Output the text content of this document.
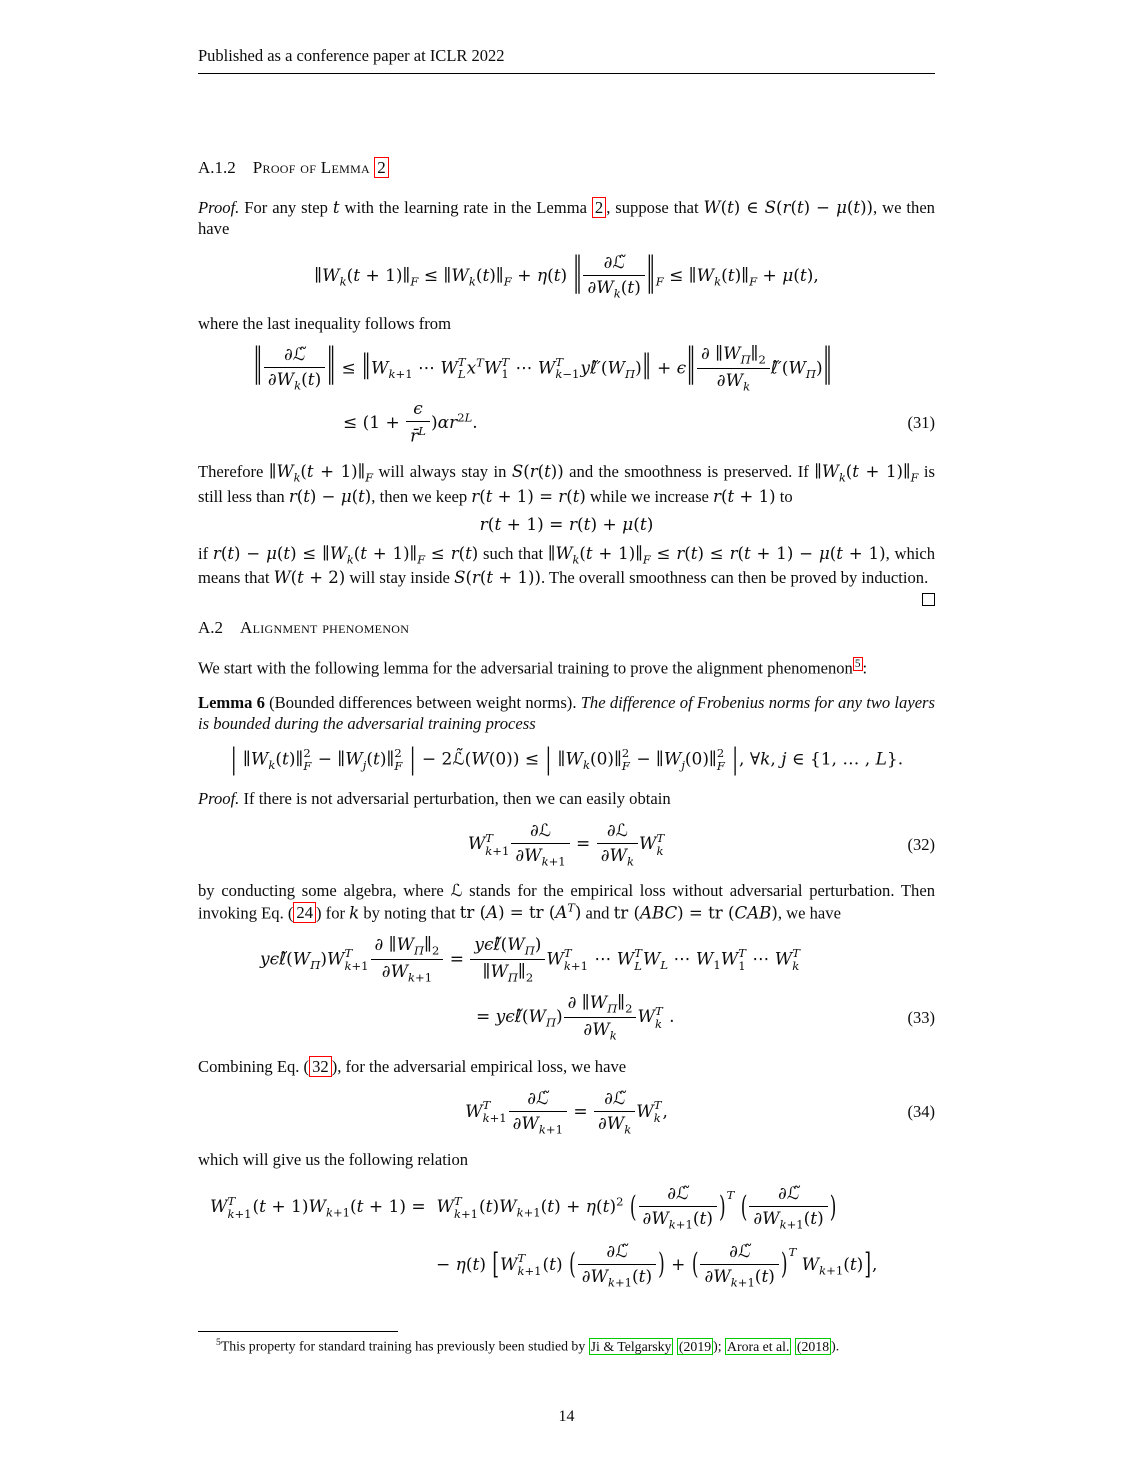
Published as a conference paper at ICLR 2022
A.1.2 Proof of Lemma 2

Proof. For any step t with the learning rate in the Lemma 2 , suppose that W(t) ∈ S(r(t) − μ(t)), we then have

$\parallel W_k(t$ + $1)\parallel_F$ ≤ $\parallel W_k(t)\parallel_F + \eta(t)$ ∥ $\frac{\text{∂ℒ̃}}{\partial W_k(t)}$ $\parallel_F$ ≤ $\parallel W_k(t)\parallel_F + \mu(t)$,

where the last inequality follows from

∥ $\frac{\text{∂ℒ̃}}{\partial W_k(t)}$ ∥ ≤ $\parallel W_{k+1}$ ⋯ W T
L $x^TW$ T
1 ⋯ W T
k−1 $y\ell̃'(W_\Pi)\parallel$ + ϵ∥ $\frac{\partial \parallel W_\Pi\parallel_2}{\partial W_k}$ $\ell̃'(W_\Pi)\parallel$
≤ $(1 + \frac{\epsilon}{r̄^L} )\alpha r^{2L}$.	(31)

Therefore $\parallel W_k(t$ + $1)\parallel_F$ will always stay in S(r(t)) and the smoothness is preserved. If $\parallel W_k(t$ + $1)\parallel_F$ is still less than r(t) − μ(t), then we keep r(t + 1) = r(t) while we increase r(t + 1) to

r(t + 1) = r(t) + μ(t)

if $r(t) - \mu(t) \le \parallel W_k(t$ + $1)\parallel_F \le r(t)$ such that $\parallel W_k(t$ + $1)\parallel_F \le r(t) \le r(t + 1) - \mu(t + 1)$, which means that W(t + 2) will stay inside S(r(t + 1)). The overall smoothness can then be proved by induction.

A.2 Alignment phenomenon

We start with the following lemma for the adversarial training to prove the alignment phenomenon $^5$ :

Lemma 6 (Bounded differences between weight norms). The difference of Frobenius norms for any two layers is bounded during the adversarial training process

| $\parallel W_k(t)\parallel$ 2
$F - \parallel W_j(t)\parallel$ 2
F | − 2ℒ̃(W(0)) ≤ | $\parallel W_k(0)\parallel$ 2
$F - \parallel W_j(0)\parallel$ 2
F |, ∀k, j ∈ {1, … , L}.

Proof. If there is not adversarial perturbation, then we can easily obtain

W T
$k+1 \frac{\text{∂ℒ}}{\partial W_{k+1}} = \frac{\text{∂ℒ}}{\partial W_k}$ W T
k	(32)

by conducting some algebra, where ℒ stands for the empirical loss without adversarial perturbation. Then invoking Eq. ( 24 ) for k by noting that tr (A) = tr $(A^T)$ and tr (ABC) = tr (CAB), we have

$y\epsilon\ell̃(W_\Pi)W$ T
$k+1 \frac{\partial \parallel W_\Pi\parallel_2}{\partial W_{k+1}} = \frac{y\epsilon\ell̃(W_\Pi)}{\parallel W_\Pi\parallel_2}$ W T
k+1 ⋯ W T
L $W_L$ ⋯ $W_1W$ T
1 ⋯ W T
k
= $y\epsilon\ell̃(W_\Pi) \frac{\partial \parallel W_\Pi\parallel_2}{\partial W_k}$ W T
k .	(33)

Combining Eq. ( 32 ), for the adversarial empirical loss, we have

W T
$k+1 \frac{\text{∂ℒ̃}}{\partial W_{k+1}} = \frac{\text{∂ℒ̃}}{\partial W_k}$ W T
k ,	(34)

which will give us the following relation

W T
k+1 $(t + 1)W_{k+1}(t + 1) = W$ T
k+1 $(t)W_{k+1}(t) + \eta(t)^2$ ( $\frac{\text{∂ℒ̃}}{\partial W_{k+1}(t)} )^T$ ( $\frac{\text{∂ℒ̃}}{\partial W_{k+1}(t)}$ )
− η(t) [W T
k+1 (t) ( $\frac{\text{∂ℒ̃}}{\partial W_{k+1}(t)}$ ) + ( $\frac{\text{∂ℒ̃}}{\partial W_{k+1}(t)} )^T$ $W_{k+1}(t)$],

$^5$This property for standard training has previously been studied by Ji & Telgarsky (2019 ); Arora et al. (2018 ).

14
